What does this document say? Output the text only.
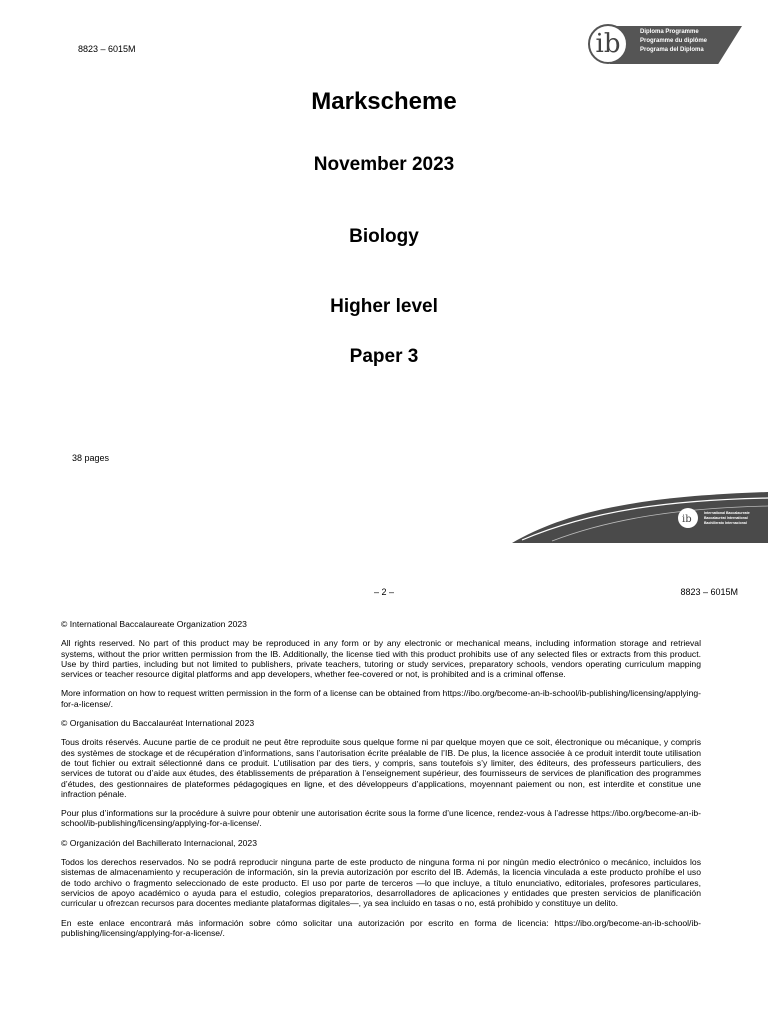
8823 – 6015M	ib	Diploma Programme
Programme du diplôme
Programa del Diploma
Markscheme
November 2023
Biology
Higher level
Paper 3
38 pages
ib
International Baccalaureate
Baccalauréat International
Bachillerato Internacional
– 2 –	8823 – 6015M

© International Baccalaureate Organization 2023

All rights reserved. No part of this product may be reproduced in any form or by any electronic or mechanical means, including information storage and retrieval systems, without the prior written permission from the IB. Additionally, the license tied with this product prohibits use of any selected files or extracts from this product. Use by third parties, including but not limited to publishers, private teachers, tutoring or study services, preparatory schools, vendors operating curriculum mapping services or teacher resource digital platforms and app developers, whether fee-covered or not, is prohibited and is a criminal offense.

More information on how to request written permission in the form of a license can be obtained from https://ibo.org/become-an-ib-school/ib-publishing/licensing/applying-for-a-license/.

© Organisation du Baccalauréat International 2023

Tous droits réservés. Aucune partie de ce produit ne peut être reproduite sous quelque forme ni par quelque moyen que ce soit, électronique ou mécanique, y compris des systèmes de stockage et de récupération d’informations, sans l’autorisation écrite préalable de l’IB. De plus, la licence associée à ce produit interdit toute utilisation de tout fichier ou extrait sélectionné dans ce produit. L’utilisation par des tiers, y compris, sans toutefois s’y limiter, des éditeurs, des professeurs particuliers, des services de tutorat ou d’aide aux études, des établissements de préparation à l’enseignement supérieur, des fournisseurs de services de planification des programmes d’études, des gestionnaires de plateformes pédagogiques en ligne, et des développeurs d’applications, moyennant paiement ou non, est interdite et constitue une infraction pénale.

Pour plus d’informations sur la procédure à suivre pour obtenir une autorisation écrite sous la forme d’une licence, rendez-vous à l’adresse https://ibo.org/become-an-ib-school/ib-publishing/licensing/applying-for-a-license/.

© Organización del Bachillerato Internacional, 2023

Todos los derechos reservados. No se podrá reproducir ninguna parte de este producto de ninguna forma ni por ningún medio electrónico o mecánico, incluidos los sistemas de almacenamiento y recuperación de información, sin la previa autorización por escrito del IB. Además, la licencia vinculada a este producto prohíbe el uso de todo archivo o fragmento seleccionado de este producto. El uso por parte de terceros —lo que incluye, a título enunciativo, editoriales, profesores particulares, servicios de apoyo académico o ayuda para el estudio, colegios preparatorios, desarrolladores de aplicaciones y entidades que presten servicios de planificación curricular u ofrezcan recursos para docentes mediante plataformas digitales—, ya sea incluido en tasas o no, está prohibido y constituye un delito.

En este enlace encontrará más información sobre cómo solicitar una autorización por escrito en forma de licencia: https://ibo.org/become-an-ib-school/ib-publishing/licensing/applying-for-a-license/.
